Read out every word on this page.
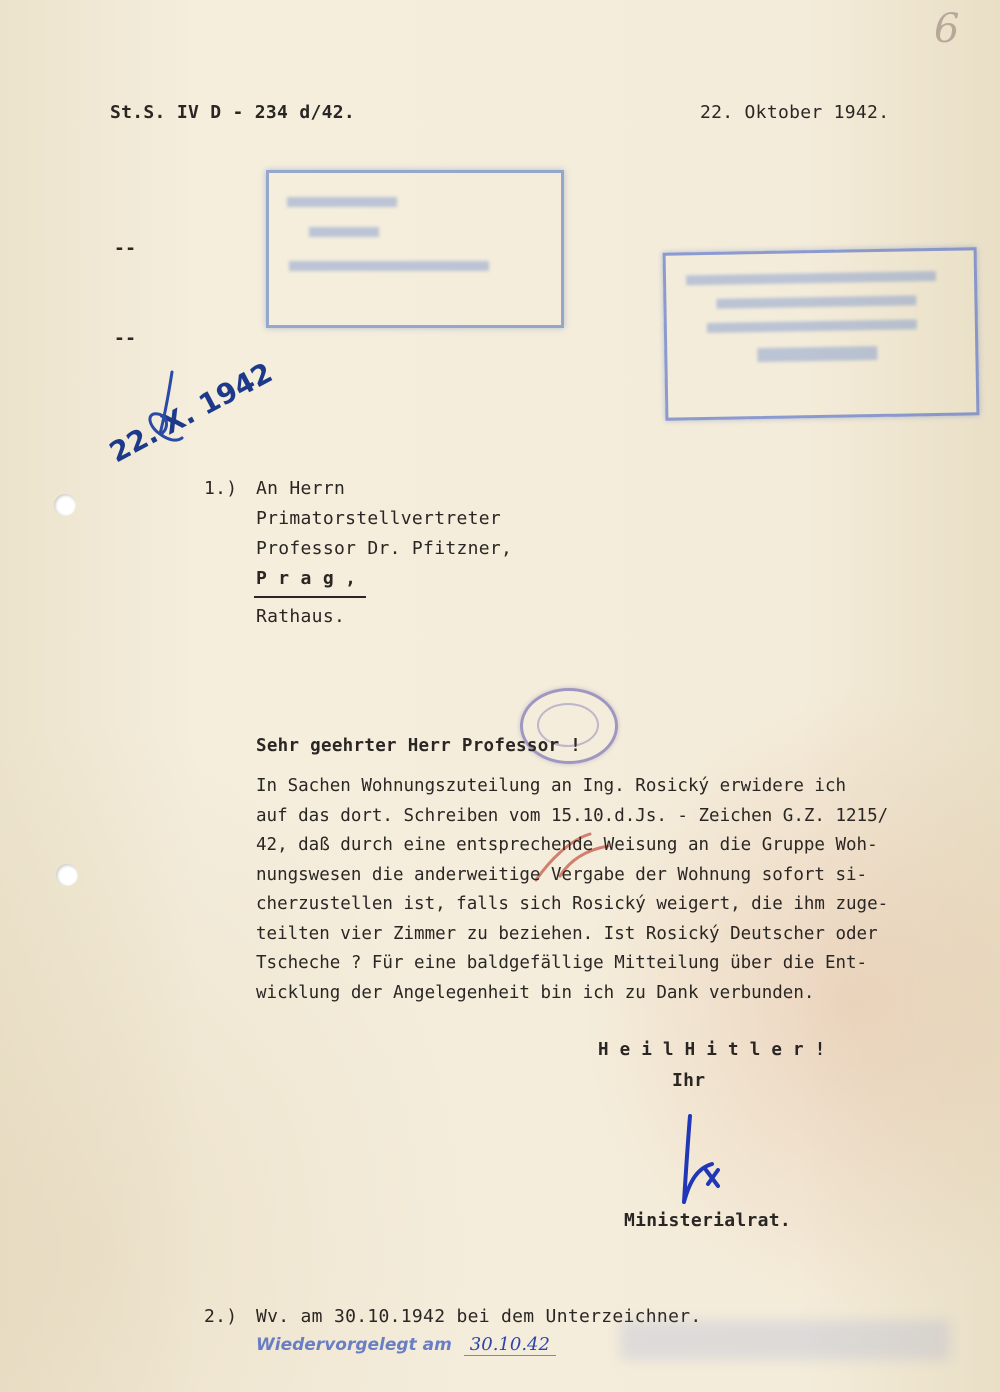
6
St.S. IV D - 234 d/42.	22. Oktober 1942.
--
--
22. X. 1942
1.) An Herrn
Primatorstellvertreter
Professor Dr. Pfitzner,
P r a g ,
Rathaus.
Sehr geehrter Herr Professor !
In Sachen Wohnungszuteilung an Ing. Rosický erwidere ich
auf das dort. Schreiben vom 15.10.d.Js. - Zeichen G.Z. 1215/
42, daß durch eine entsprechende Weisung an die Gruppe Woh-
nungswesen die anderweitige Vergabe der Wohnung sofort si-
cherzustellen ist, falls sich Rosický weigert, die ihm zuge-
teilten vier Zimmer zu beziehen. Ist Rosický Deutscher oder
Tscheche ? Für eine baldgefällige Mitteilung über die Ent-
wicklung der Angelegenheit bin ich zu Dank verbunden.
H e i l H i t l e r !
Ihr
Ministerialrat.
2.) Wv. am 30.10.1942 bei dem Unterzeichner.
Wiedervorgelegt am 30.10.42
